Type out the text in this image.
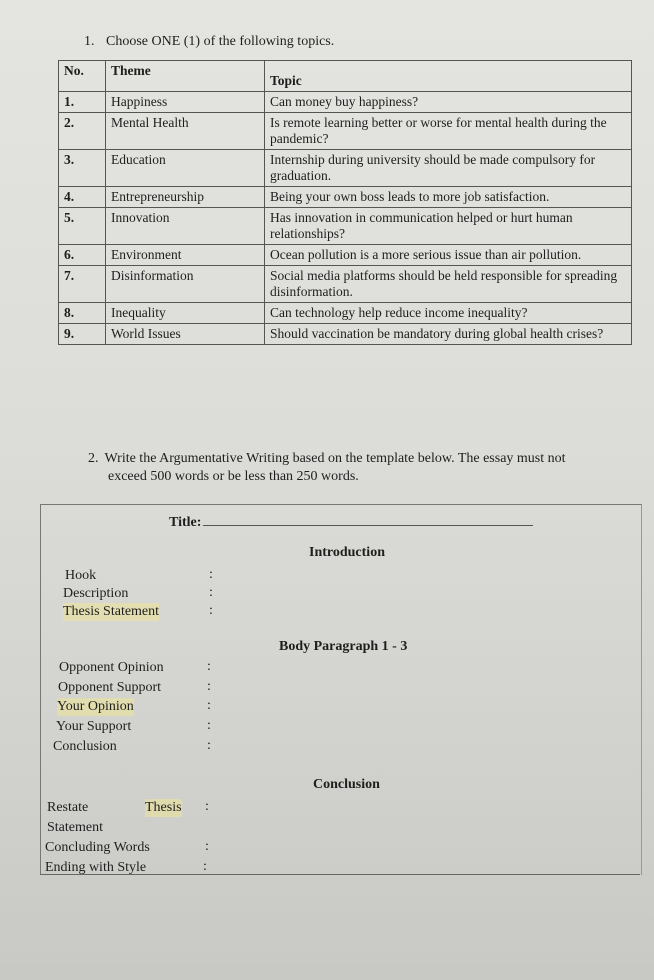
1. Choose ONE (1) of the following topics.
No.	Theme	Topic
1.	Happiness	Can money buy happiness?
2.	Mental Health	Is remote learning better or worse for mental health during the pandemic?
3.	Education	Internship during university should be made compulsory for graduation.
4.	Entrepreneurship	Being your own boss leads to more job satisfaction.
5.	Innovation	Has innovation in communication helped or hurt human relationships?
6.	Environment	Ocean pollution is a more serious issue than air pollution.
7.	Disinformation	Social media platforms should be held responsible for spreading disinformation.
8.	Inequality	Can technology help reduce income inequality?
9.	World Issues	Should vaccination be mandatory during global health crises?
2. Write the Argumentative Writing based on the template below. The essay must not
exceed 500 words or be less than 250 words.
Title:
Introduction
Hook	:
Description	:
Thesis Statement	:
Body Paragraph 1 - 3
Opponent Opinion	:
Opponent Support	:
Your Opinion	:
Your Support	:
Conclusion	:
Conclusion
Restate	Thesis :
Statement
Concluding Words	:
Ending with Style	:
